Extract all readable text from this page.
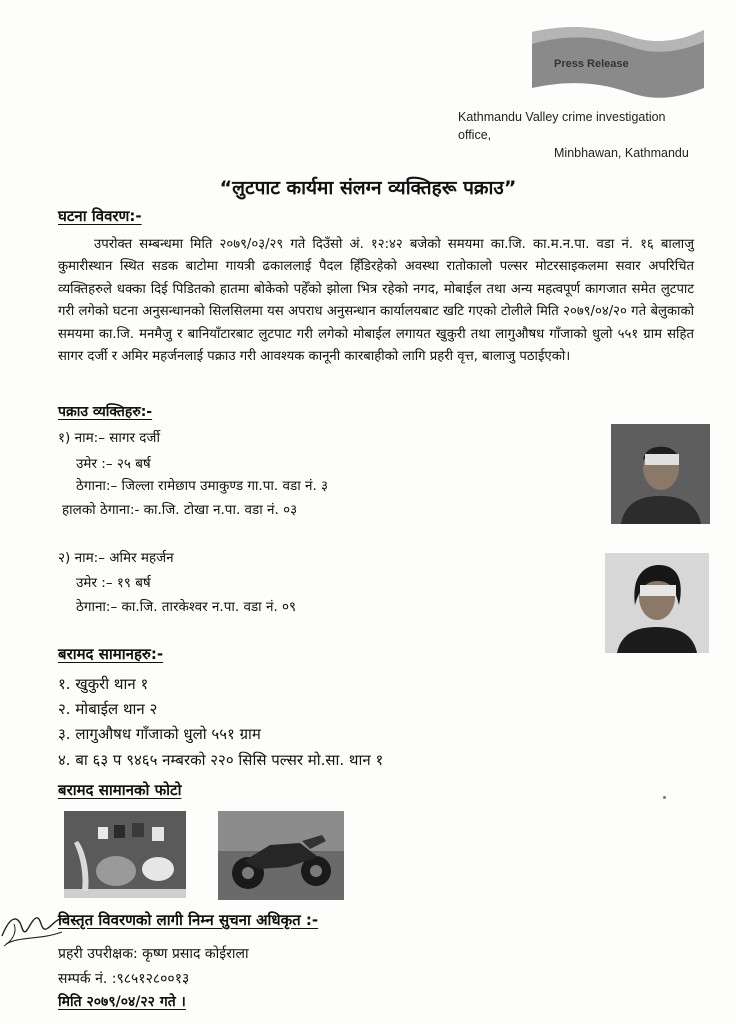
Press Release
Kathmandu Valley crime investigation office,
Minbhawan, Kathmandu
“लुटपाट कार्यमा संलग्न व्यक्तिहरू पक्राउ”
घटना विवरण:-
उपरोक्त सम्बन्धमा मिति २०७९/०३/२९ गते दिउँसो अं. १२:४२ बजेको समयमा का.जि. का.म.न.पा. वडा नं. १६ बालाजु कुमारीस्थान स्थित सडक बाटोमा गायत्री ढकाललाई पैदल हिँडिरहेको अवस्था रातोकालो पल्सर मोटरसाइकलमा सवार अपरिचित व्यक्तिहरुले धक्का दिई पिडितको हातमा बोकेको पहेँको झोला भित्र रहेको नगद, मोबाईल तथा अन्य महत्वपूर्ण कागजात समेत लुटपाट गरी लगेको घटना अनुसन्धानको सिलसिलमा यस अपराध अनुसन्धान कार्यालयबाट खटि गएको टोलीले मिति २०७९/०४/२० गते बेलुकाको समयमा का.जि. मनमैजु र बानियाँटारबाट लुटपाट गरी लगेको मोबाईल लगायत खुकुरी तथा लागुऔषध गाँजाको धुलो ५५१ ग्राम सहित सागर दर्जी र अमिर महर्जनलाई पक्राउ गरी आवश्यक कानूनी कारबाहीको लागि प्रहरी वृत्त, बालाजु पठाईएको।
पक्राउ व्यक्तिहरु:-
१) नाम:– सागर दर्जी
उमेर :– २५ बर्ष
ठेगाना:– जिल्ला रामेछाप उमाकुण्ड गा.पा. वडा नं. ३
हालको ठेगाना:- का.जि. टोखा न.पा. वडा नं. ०३
२) नाम:– अमिर महर्जन
उमेर :– १९ बर्ष
ठेगाना:– का.जि. तारकेश्वर न.पा. वडा नं. ०९
बरामद सामानहरु:-
१. खुकुरी थान १
२. मोबाईल थान २
३. लागुऔषध गाँजाको धुलो ५५१ ग्राम
४. बा ६३ प ९४६५ नम्बरको २२० सिसि पल्सर मो.सा. थान १
बरामद सामानको फोटो
विस्तृत विवरणको लागी निम्न सुचना अधिकृत :-
प्रहरी उपरीक्षक: कृष्ण प्रसाद कोईराला
सम्पर्क नं. :९८५१२८००१३
मिति २०७९/०४/२२ गते ।
